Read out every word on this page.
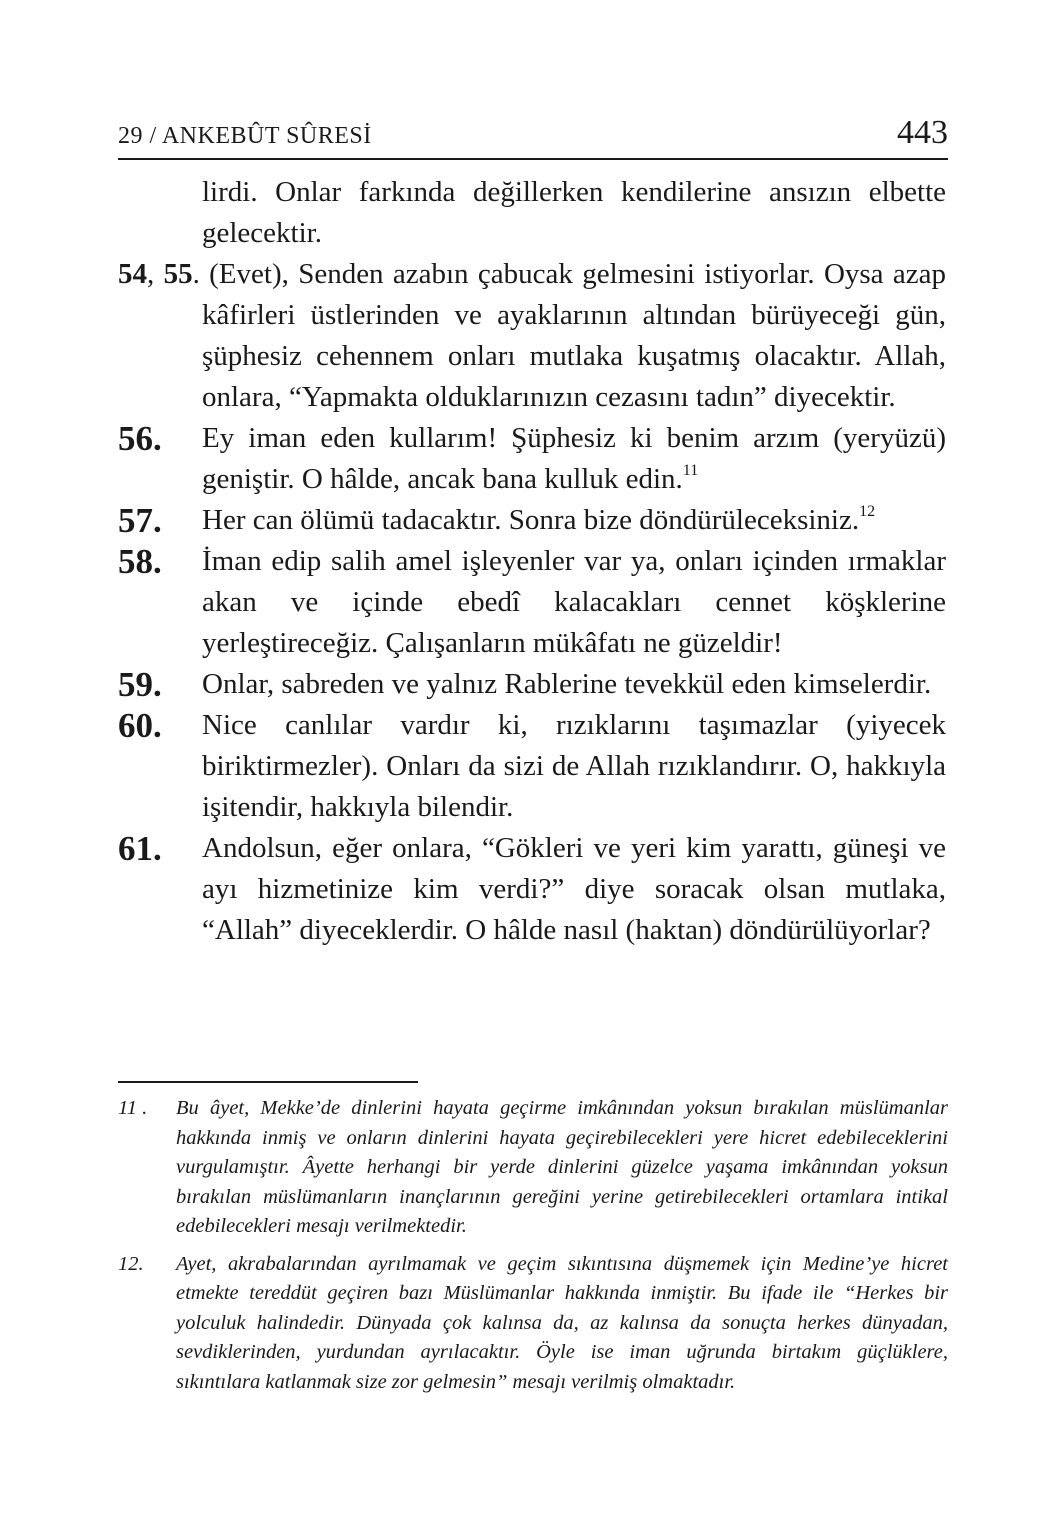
29 / ANKEBÛT SÛRESİ	443

lirdi. Onlar farkında değillerken kendilerine ansızın elbette gelecektir.

54, 55. (Evet), Senden azabın çabucak gelmesini istiyorlar. Oysa azap kâfirleri üstlerinden ve ayaklarının altından bürüyeceği gün, şüphesiz cehennem onları mutlaka kuşatmış olacaktır. Allah, onlara, “Yapmakta olduklarınızın cezasını tadın” diyecektir.

56. Ey iman eden kullarım! Şüphesiz ki benim arzım (yeryüzü) geniştir. O hâlde, ancak bana kulluk edin.$^{11}$

57. Her can ölümü tadacaktır. Sonra bize döndürüleceksiniz.$^{12}$

58. İman edip salih amel işleyenler var ya, onları içinden ırmaklar akan ve içinde ebedî kalacakları cennet köşklerine yerleştireceğiz. Çalışanların mükâfatı ne güzeldir!

59. Onlar, sabreden ve yalnız Rablerine tevekkül eden kimselerdir.

60. Nice canlılar vardır ki, rızıklarını taşımazlar (yiyecek biriktirmezler). Onları da sizi de Allah rızıklandırır. O, hakkıyla işitendir, hakkıyla bilendir.

61. Andolsun, eğer onlara, “Gökleri ve yeri kim yarattı, güneşi ve ayı hizmetinize kim verdi?” diye soracak olsan mutlaka, “Allah” diyeceklerdir. O hâlde nasıl (haktan) döndürülüyorlar?

11 . Bu âyet, Mekke’de dinlerini hayata geçirme imkânından yoksun bırakılan müslümanlar hakkında inmiş ve onların dinlerini hayata geçirebilecekleri yere hicret edebileceklerini vurgulamıştır. Âyette herhangi bir yerde dinlerini güzelce yaşama imkânından yoksun bırakılan müslümanların inançlarının gereğini yerine getirebilecekleri ortamlara intikal edebilecekleri mesajı verilmektedir.
12. Ayet, akrabalarından ayrılmamak ve geçim sıkıntısına düşmemek için Medine’ye hicret etmekte tereddüt geçiren bazı Müslümanlar hakkında inmiştir. Bu ifade ile “Herkes bir yolculuk halindedir. Dünyada çok kalınsa da, az kalınsa da sonuçta herkes dünyadan, sevdiklerinden, yurdundan ayrılacaktır. Öyle ise iman uğrunda birtakım güçlüklere, sıkıntılara katlanmak size zor gelmesin” mesajı verilmiş olmaktadır.
